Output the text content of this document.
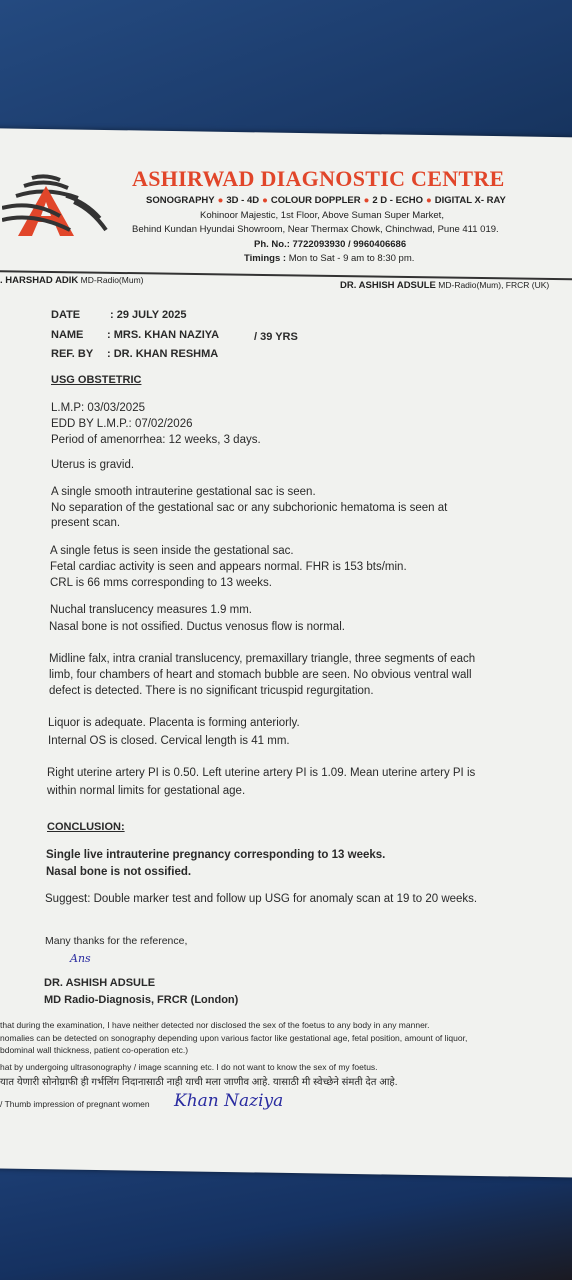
ASHIRWAD DIAGNOSTIC CENTRE
SONOGRAPHY ● 3D - 4D ● COLOUR DOPPLER ● 2 D - ECHO ● DIGITAL X- RAY
Kohinoor Majestic, 1st Floor, Above Suman Super Market,
Behind Kundan Hyundai Showroom, Near Thermax Chowk, Chinchwad, Pune 411 019.
Ph. No.: 7722093930 / 9960406686
Timings : Mon to Sat - 9 am to 8:30 pm.
. HARSHAD ADIK MD-Radio(Mum)	DR. ASHISH ADSULE MD-Radio(Mum), FRCR (UK)
DATE	: 29 JULY 2025
NAME : MRS. KHAN NAZIYA	/ 39 YRS
REF. BY : DR. KHAN RESHMA
USG OBSTETRIC
L.M.P: 03/03/2025
EDD BY L.M.P.: 07/02/2026
Period of amenorrhea: 12 weeks, 3 days.
Uterus is gravid.
A single smooth intrauterine gestational sac is seen.
No separation of the gestational sac or any subchorionic hematoma is seen at
present scan.
A single fetus is seen inside the gestational sac.
Fetal cardiac activity is seen and appears normal. FHR is 153 bts/min.
CRL is 66 mms corresponding to 13 weeks.
Nuchal translucency measures 1.9 mm.
Nasal bone is not ossified. Ductus venosus flow is normal.
Midline falx, intra cranial translucency, premaxillary triangle, three segments of each
limb, four chambers of heart and stomach bubble are seen. No obvious ventral wall
defect is detected. There is no significant tricuspid regurgitation.
Liquor is adequate. Placenta is forming anteriorly.
Internal OS is closed. Cervical length is 41 mm.
Right uterine artery PI is 0.50. Left uterine artery PI is 1.09. Mean uterine artery PI is
within normal limits for gestational age.
CONCLUSION:
Single live intrauterine pregnancy corresponding to 13 weeks.
Nasal bone is not ossified.
Suggest: Double marker test and follow up USG for anomaly scan at 19 to 20 weeks.
Many thanks for the reference,
Ans
DR. ASHISH ADSULE
MD Radio-Diagnosis, FRCR (London)
that during the examination, I have neither detected nor disclosed the sex of the foetus to any body in any manner.
nomalies can be detected on sonography depending upon various factor like gestational age, fetal position, amount of liquor,
bdominal wall thickness, patient co-operation etc.)
hat by undergoing ultrasonography / image scanning etc. I do not want to know the sex of my foetus.
यात येणारी सोनोग्राफी ही गर्भलिंग निदानासाठी नाही याची मला जाणीव आहे. यासाठी मी स्वेच्छेने संमती देत आहे.
/ Thumb impression of pregnant women Khan Naziya
